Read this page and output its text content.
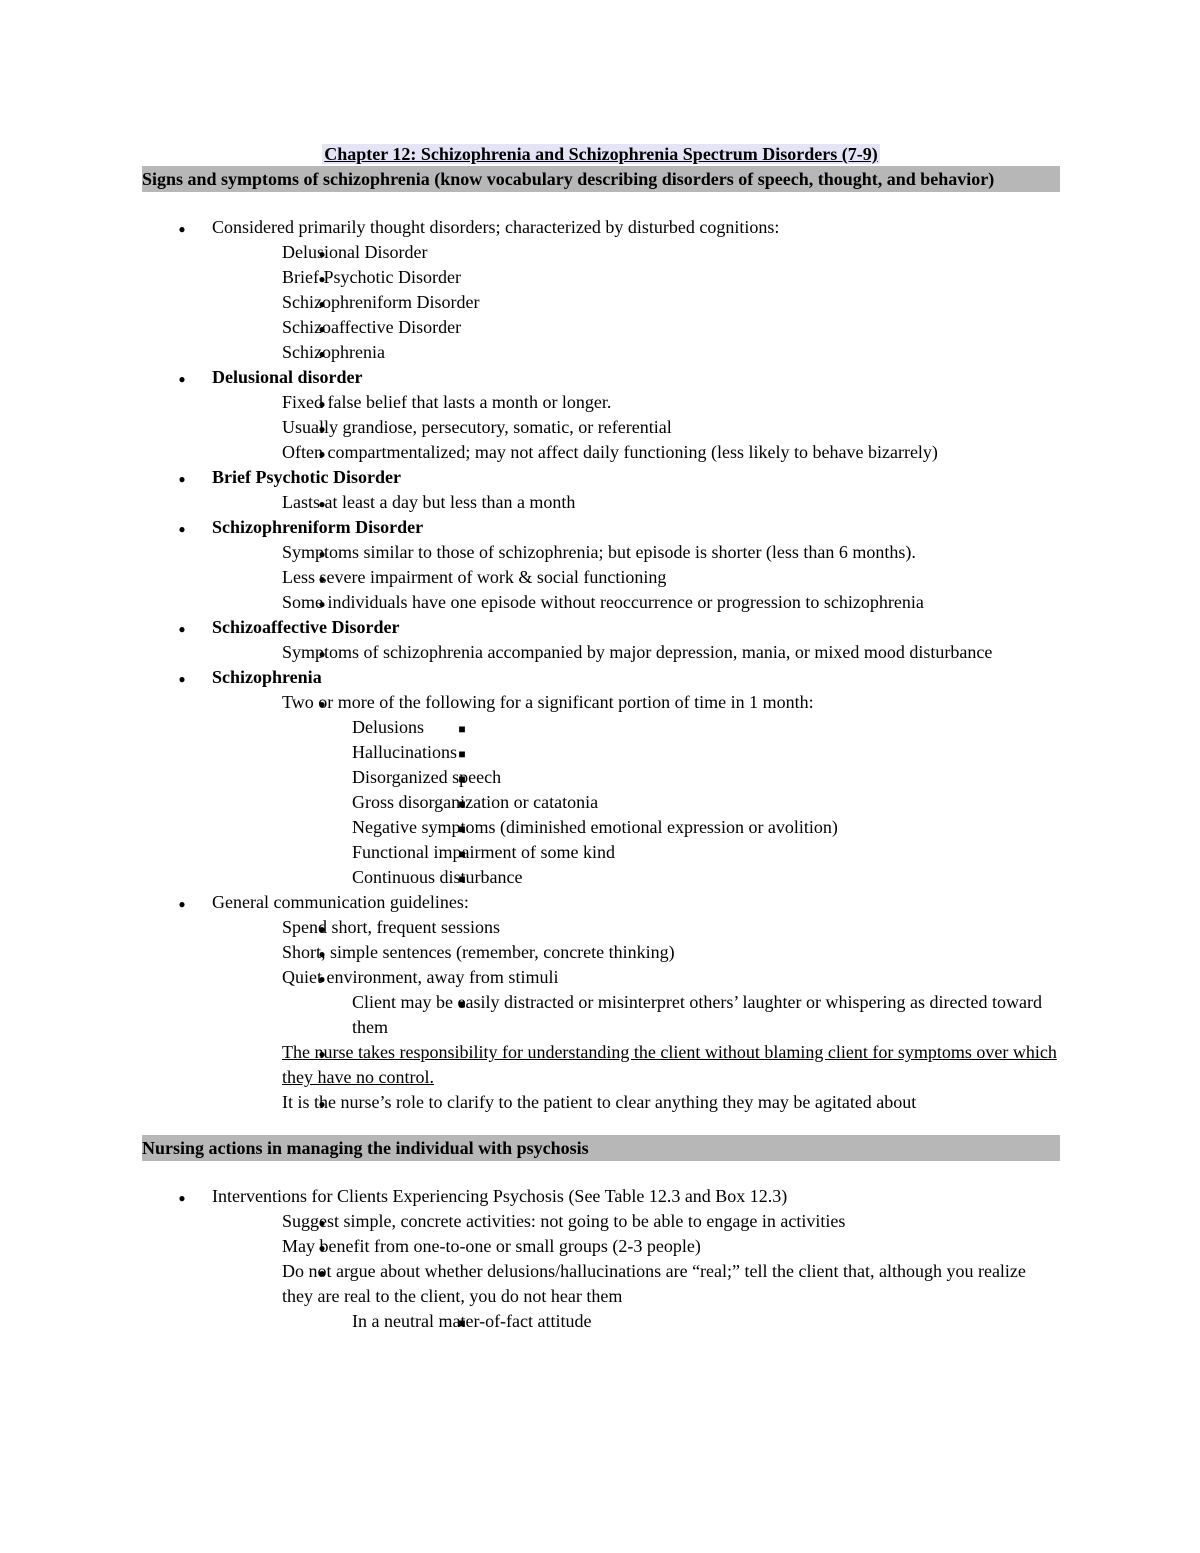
Chapter 12: Schizophrenia and Schizophrenia Spectrum Disorders (7-9)
Signs and symptoms of schizophrenia (know vocabulary describing disorders of speech, thought, and behavior)
●
Considered primarily thought disorders; characterized by disturbed cognitions:
●
Delusional Disorder
●
Brief Psychotic Disorder
●
Schizophreniform Disorder
●
Schizoaffective Disorder
●
Schizophrenia
●
Delusional disorder
●
Fixed false belief that lasts a month or longer.
●
Usually grandiose, persecutory, somatic, or referential
●
Often compartmentalized; may not affect daily functioning (less likely to behave bizarrely)
●
Brief Psychotic Disorder
●
Lasts at least a day but less than a month
●
Schizophreniform Disorder
●
Symptoms similar to those of schizophrenia; but episode is shorter (less than 6 months).
●
Less severe impairment of work & social functioning
●
Some individuals have one episode without reoccurrence or progression to schizophrenia
●
Schizoaffective Disorder
●
Symptoms of schizophrenia accompanied by major depression, mania, or mixed mood disturbance
●
Schizophrenia
●
Two or more of the following for a significant portion of time in 1 month:
■
Delusions
■
Hallucinations
■
Disorganized speech
■
Gross disorganization or catatonia
■
Negative symptoms (diminished emotional expression or avolition)
■
Functional impairment of some kind
■
Continuous disturbance
●
General communication guidelines:
●
Spend short, frequent sessions
●
Short, simple sentences (remember, concrete thinking)
●
Quiet environment, away from stimuli
■
Client may be easily distracted or misinterpret others’ laughter or whispering as directed toward them
●
The nurse takes responsibility for understanding the client without blaming client for symptoms over which they have no control.
●
It is the nurse’s role to clarify to the patient to clear anything they may be agitated about
Nursing actions in managing the individual with psychosis
●
Interventions for Clients Experiencing Psychosis (See Table 12.3 and Box 12.3)
●
Suggest simple, concrete activities: not going to be able to engage in activities
●
May benefit from one-to-one or small groups (2-3 people)
●
Do not argue about whether delusions/hallucinations are “real;” tell the client that, although you realize they are real to the client, you do not hear them
■
In a neutral mater-of-fact attitude
